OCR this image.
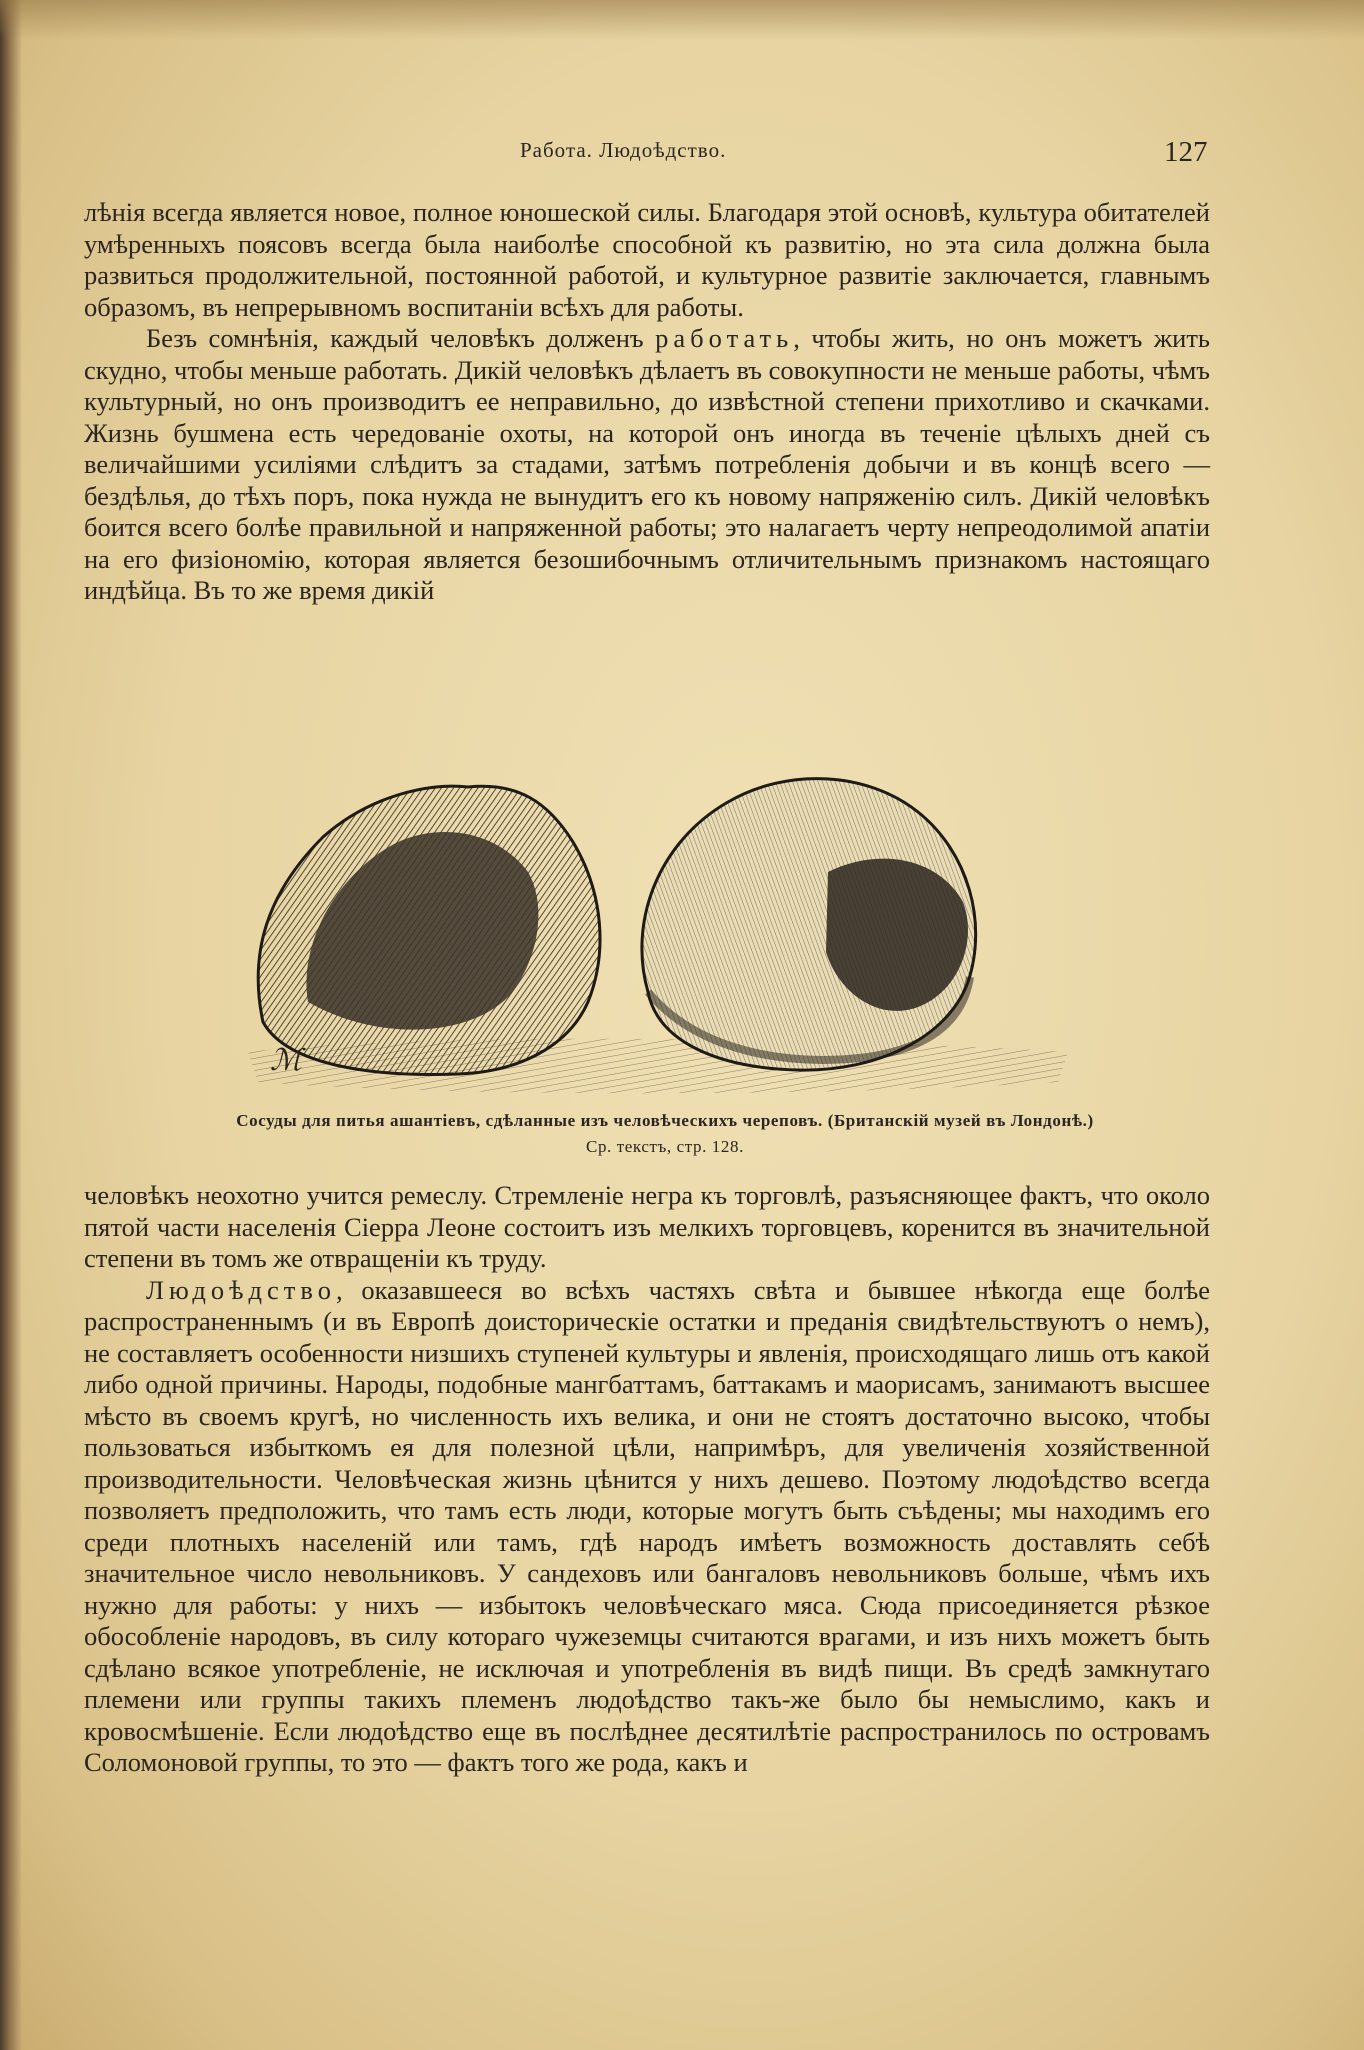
Работа. Людоѣдство.	127

лѣнія всегда является новое, полное юношеской силы. Благодаря этой основѣ, культура обитателей умѣренныхъ поясовъ всегда была наиболѣе способной къ развитію, но эта сила должна была развиться продолжительной, постоянной работой, и культурное развитіе заключается, главнымъ образомъ, въ непрерывномъ воспитаніи всѣхъ для работы.

Безъ сомнѣнія, каждый человѣкъ долженъ работать, чтобы жить, но онъ можетъ жить скудно, чтобы меньше работать. Дикій человѣкъ дѣлаетъ въ совокупности не меньше работы, чѣмъ культурный, но онъ производитъ ее неправильно, до извѣстной степени прихотливо и скачками. Жизнь бушмена есть чередованіе охоты, на которой онъ иногда въ теченіе цѣлыхъ дней съ величайшими усиліями слѣдитъ за стадами, затѣмъ потребленія добычи и въ концѣ всего — бездѣлья, до тѣхъ поръ, пока нужда не вынудитъ его къ новому напряженію силъ. Дикій человѣкъ боится всего болѣе правильной и напряженной работы; это налагаетъ черту непреодолимой апатіи на его физіономію, которая является безошибочнымъ отличительнымъ признакомъ настоящаго индѣйца. Въ то же время дикій

ℳ
Сосуды для питья ашантіевъ, сдѣланные изъ человѣческихъ череповъ. (Британскій музей въ Лондонѣ.)
Ср. текстъ, стр. 128.

человѣкъ неохотно учится ремеслу. Стремленіе негра къ торговлѣ, разъясняющее фактъ, что около пятой части населенія Сіерра Леоне состоитъ изъ мелкихъ торговцевъ, коренится въ значительной степени въ томъ же отвращеніи къ труду.

Людоѣдство, оказавшееся во всѣхъ частяхъ свѣта и бывшее нѣкогда еще болѣе распространеннымъ (и въ Европѣ доисторическіе остатки и преданія свидѣтельствуютъ о немъ), не составляетъ особенности низшихъ ступеней культуры и явленія, происходящаго лишь отъ какой либо одной причины. Народы, подобные мангбаттамъ, баттакамъ и маорисамъ, занимаютъ высшее мѣсто въ своемъ кругѣ, но численность ихъ велика, и они не стоятъ достаточно высоко, чтобы пользоваться избыткомъ ея для полезной цѣли, напримѣръ, для увеличенія хозяйственной производительности. Человѣческая жизнь цѣнится у нихъ дешево. Поэтому людоѣдство всегда позволяетъ предположить, что тамъ есть люди, которые могутъ быть съѣдены; мы находимъ его среди плотныхъ населеній или тамъ, гдѣ народъ имѣетъ возможность доставлять себѣ значительное число невольниковъ. У сандеховъ или бангаловъ невольниковъ больше, чѣмъ ихъ нужно для работы: у нихъ — избытокъ человѣческаго мяса. Сюда присоединяется рѣзкое обособленіе народовъ, въ силу котораго чужеземцы считаются врагами, и изъ нихъ можетъ быть сдѣлано всякое употребленіе, не исключая и употребленія въ видѣ пищи. Въ средѣ замкнутаго племени или группы такихъ племенъ людоѣдство такъ-же было бы немыслимо, какъ и кровосмѣшеніе. Если людоѣдство еще въ послѣднее десятилѣтіе распространилось по островамъ Соломоновой группы, то это — фактъ того же рода, какъ и
